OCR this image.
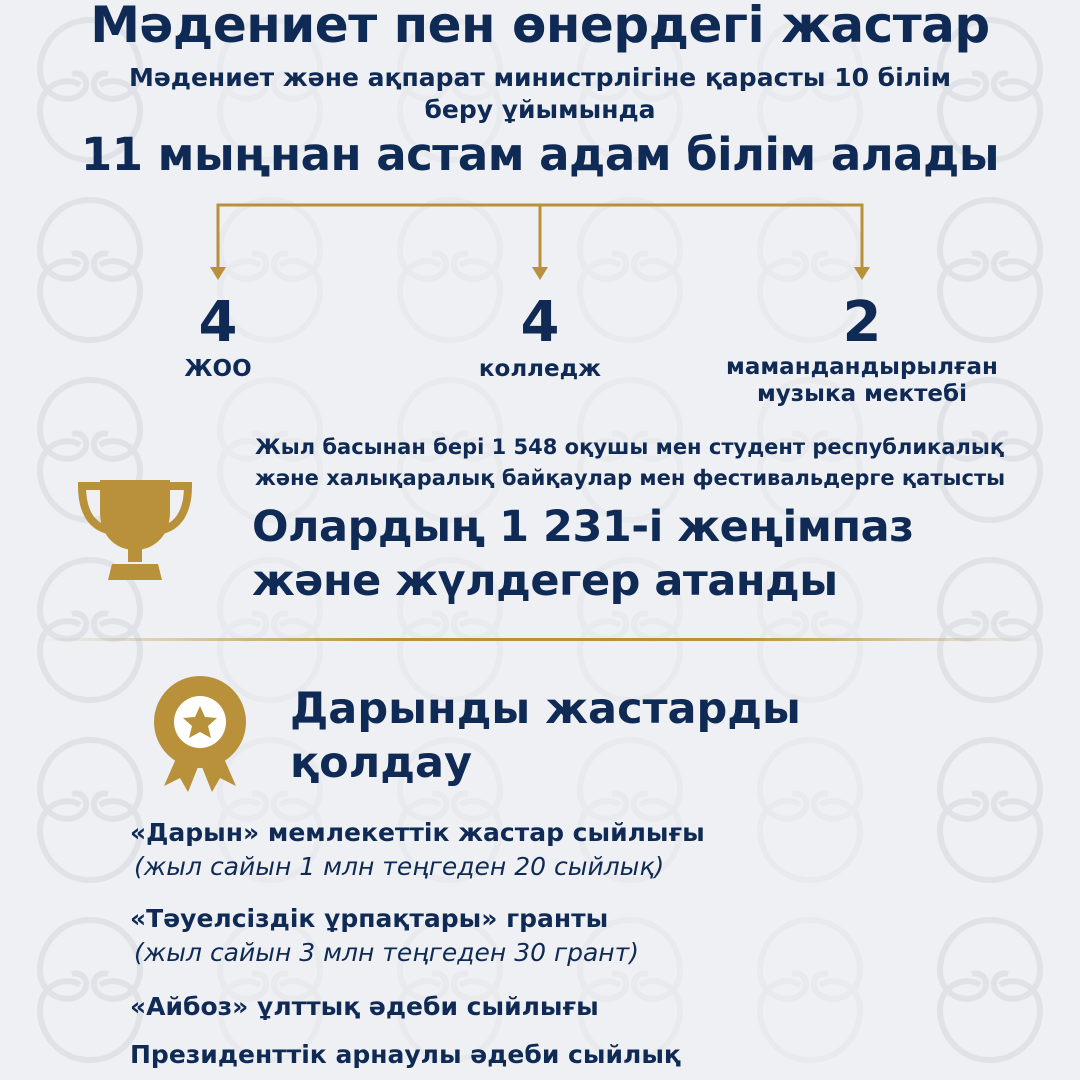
Мəдениет пен өнердегі жастар
Мəдениет және ақпарат министрлігіне қарасты 10 білім беру ұйымында
11 мыңнан астам адам білім алады
4
ЖОО
4
колледж
2
мамандандырылған музыка мектебі
Жыл басынан бері 1 548 оқушы мен студент республикалық және халықаралық байқаулар мен фестивальдерге қатысты
Олардың 1 231-і жеңімпаз және жүлдегер атанды
Дарынды жастарды қолдау
«Дарын» мемлекеттік жастар сыйлығы
(жыл сайын 1 млн теңгеден 20 сыйлық)
«Тəуелсіздік ұрпақтары» гранты
(жыл сайын 3 млн теңгеден 30 грант)
«Айбоз» ұлттық əдеби сыйлығы
Президенттік арнаулы əдеби сыйлық
